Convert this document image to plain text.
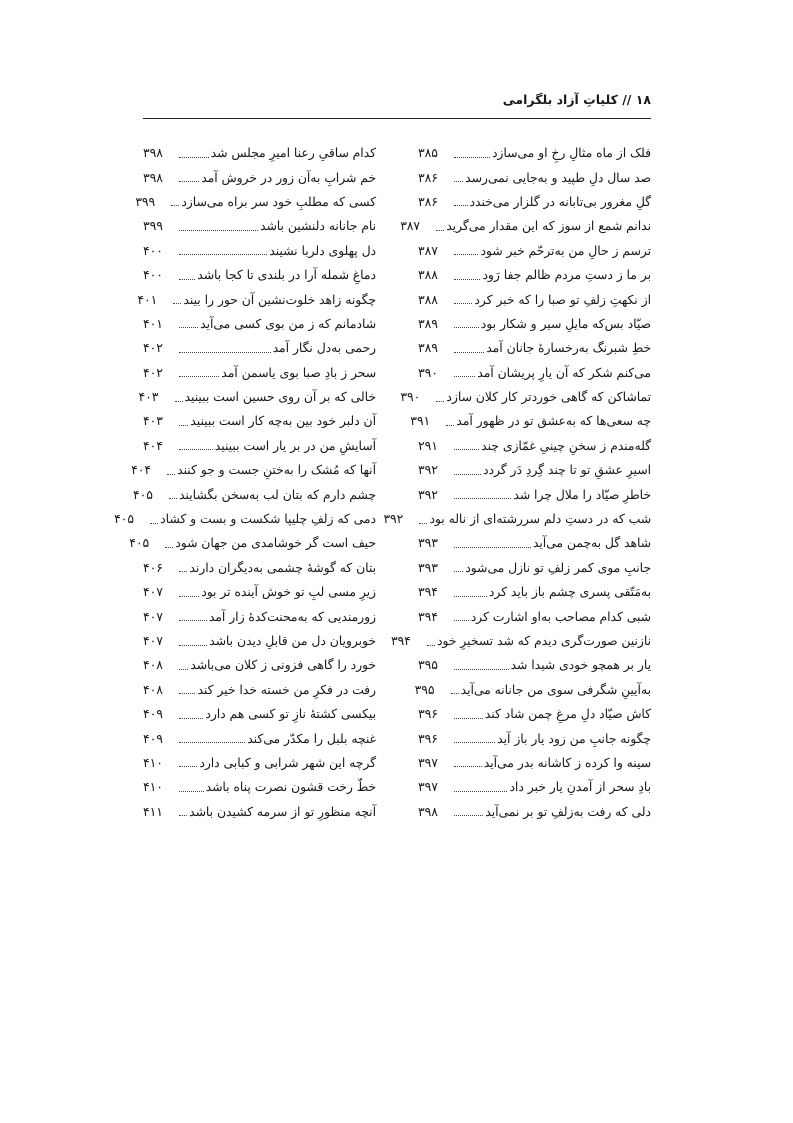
۱۸ // کلیاتِ آزاد بلگرامی
فلک از ماه مثالِ رخِ او می‌سازد
۳۸۵
صد سال دلِ طپید و به‌جایی نمی‌رسد
۳۸۶
گلِ مغرور بی‌تابانه در گلزار می‌خندد
۳۸۶
ندانم شمع از سوز که این مقدار می‌گرید
۳۸۷
ترسم ز حالِ من به‌ترحّم خبر شود
۳۸۷
بر ما ز دستِ مردم ظالم جفا رَود
۳۸۸
از نکهتِ زلفِ تو صبا را که خبر کرد
۳۸۸
صیّاد بس‌که مایلِ سیر و شکار بود
۳۸۹
خطِ شبرنگ به‌رخسارۀ جانان آمد
۳۸۹
می‌کنم شکر که آن یارِ پریشان آمد
۳۹۰
تماشاکن که گاهی خوردتر کار کلان سازد
۳۹۰
چه سعی‌ها که به‌عشق تو در ظهور آمد
۳۹۱
گله‌مندم ز سخنِ چینیِ غمّازی چند
۲۹۱
اسیرِ عشقِ تو تا چند گِردِ دَر گردد
۳۹۲
خاطرِ صیّاد را ملال چرا شد
۳۹۲
شب که در دستِ دلم سررشته‌ای از ناله بود
۳۹۲
شاهد گل به‌چمن می‌آید
۳۹۳
جانبِ موی کمر زلفِ تو نازل می‌شود
۳۹۳
به‌مَتّقی پسری چشم باز باید کرد
۳۹۴
شبی کدام مصاحب به‌او اشارت کرد
۳۹۴
نازنین صورت‌گری دیدم که شد تسخیرِ خود
۳۹۴
یار بر همچو خودی شیدا شد
۳۹۵
به‌آیینِ شگرفی سوی من جانانه می‌آید
۳۹۵
کاش صیّاد دلِ مرغِ چمن شاد کند
۳۹۶
چگونه جانبِ من زود یار باز آید
۳۹۶
سینه وا کرده ز کاشانه بدر می‌آید
۳۹۷
بادِ سحر از آمدنِ یار خبر داد
۳۹۷
دلی که رفت به‌زلفِ تو بر نمی‌آید
۳۹۸
کدام ساقیِ رعنا امیرِ مجلس شد
۳۹۸
خم شرابِ به‌آن زور در خروش آمد
۳۹۸
کسی که مطلبِ خود سر براه می‌سازد
۳۹۹
نام جانانه دلنشین باشد
۳۹۹
دل پهلوی دلربا نشیند
۴۰۰
دماغِ شمله آرا در بلندی تا کجا باشد
۴۰۰
چگونه زاهد خلوت‌نشین آن حور را بیند
۴۰۱
شادمانم که ز من بوی کسی می‌آید
۴۰۱
رحمی به‌دل نگار آمد
۴۰۲
سحر ز بادِ صبا بوی یاسمن آمد
۴۰۲
خالی که بر آن روی حسین است ببینید
۴۰۳
آن دلبر خود بین به‌چه کار است ببینید
۴۰۳
آسایشِ من در بر یار است ببینید
۴۰۴
آنها که مُشک را به‌ختنِ جست و جو کنند
۴۰۴
چشم دارم که بتان لب به‌سخن بگشایند
۴۰۵
دمی که زلفِ چلیپا شکست و بست و کشاد
۴۰۵
حیف است گر خوشامدی من جهان شود
۴۰۵
بتان که گوشۀ چشمی به‌دیگران دارند
۴۰۶
زیرِ مسی لبِ تو خوش آینده تر بود
۴۰۷
زورمندیی که به‌محنت‌کدۀ زار آمد
۴۰۷
خوبرویان دل من قابلِ دیدن باشد
۴۰۷
خورد را گاهی فزونی ز کلان می‌باشد
۴۰۸
رفت در فکرِ من خسته خدا خیر کند
۴۰۸
بیکسی کشتۀ نازِ تو کسی هم دارد
۴۰۹
غنچه بلبل را مکدّر می‌کند
۴۰۹
گرچه این شهر شرابی و کبابی دارد
۴۱۰
خطّ رخت قشون نصرت پناه باشد
۴۱۰
آنچه منظورِ تو از سرمه کشیدن باشد
۴۱۱
